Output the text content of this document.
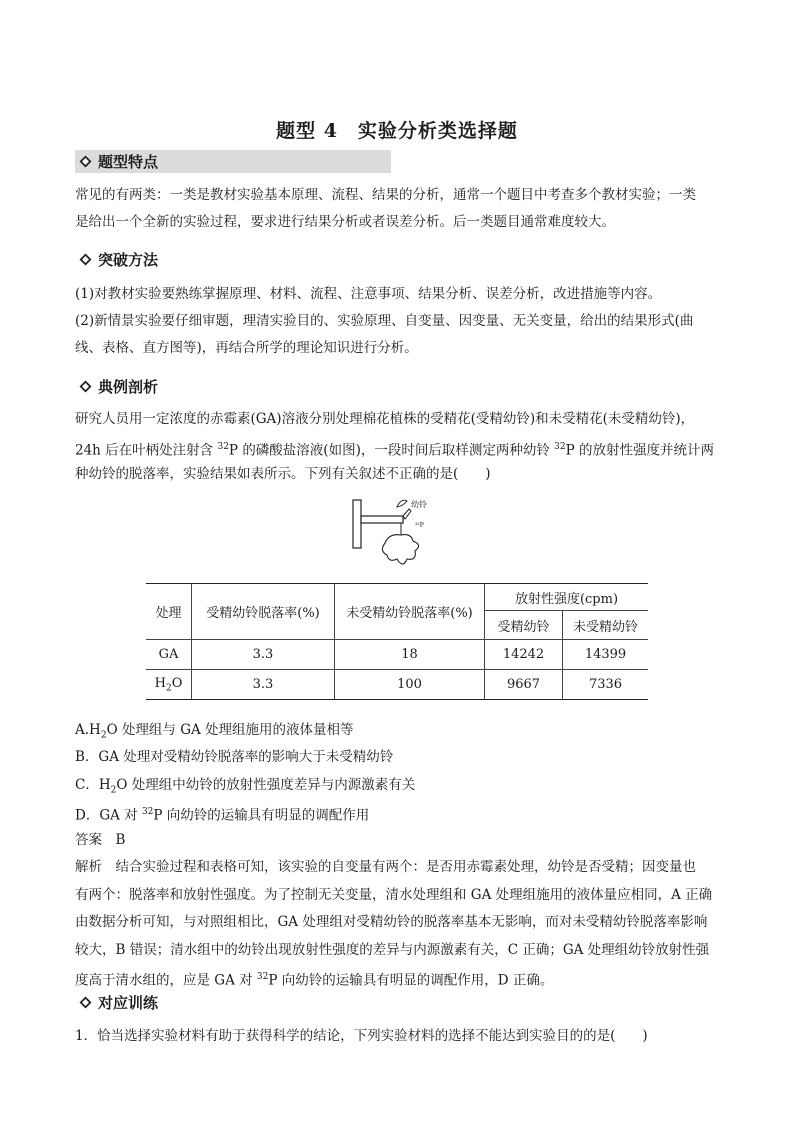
题型 4　实验分析类选择题
题型特点
常见的有两类：一类是教材实验基本原理、流程、结果的分析，通常一个题目中考查多个教材实验；一类
是给出一个全新的实验过程，要求进行结果分析或者误差分析。后一类题目通常难度较大。
突破方法
(1)对教材实验要熟练掌握原理、材料、流程、注意事项、结果分析、误差分析，改进措施等内容。
(2)新情景实验要仔细审题，理清实验目的、实验原理、自变量、因变量、无关变量，给出的结果形式(曲
线、表格、直方图等)，再结合所学的理论知识进行分析。
典例剖析
研究人员用一定浓度的赤霉素(GA)溶液分别处理棉花植株的受精花(受精幼铃)和未受精花(未受精幼铃)，
24h 后在叶柄处注射含 $^{32}$P 的磷酸盐溶液(如图)，一段时间后取样测定两种幼铃 $^{32}$P 的放射性强度并统计两
种幼铃的脱落率，实验结果如表所示。下列有关叙述不正确的是(　　)
幼铃
³²P
处理	受精幼铃脱落率(%)	未受精幼铃脱落率(%)	放射性强度(cpm)	
			受精幼铃	未受精幼铃
GA	3.3	18	14242	14399
$H_2O$	3.3	100	9667	7336
$A.H_2O$ 处理组与 GA 处理组施用的液体量相等
B．GA 处理对受精幼铃脱落率的影响大于未受精幼铃
C．$H_2O$ 处理组中幼铃的放射性强度差异与内源激素有关
D．GA 对 $^{32}$P 向幼铃的运输具有明显的调配作用
答案　B
解析　结合实验过程和表格可知，该实验的自变量有两个：是否用赤霉素处理，幼铃是否受精；因变量也
有两个：脱落率和放射性强度。为了控制无关变量，清水处理组和 GA 处理组施用的液体量应相同，A 正确
由数据分析可知，与对照组相比，GA 处理组对受精幼铃的脱落率基本无影响，而对未受精幼铃脱落率影响
较大，B 错误；清水组中的幼铃出现放射性强度的差异与内源激素有关，C 正确；GA 处理组幼铃放射性强
度高于清水组的，应是 GA 对 $^{32}$P 向幼铃的运输具有明显的调配作用，D 正确。
对应训练
1．恰当选择实验材料有助于获得科学的结论，下列实验材料的选择不能达到实验目的的是(　　)
